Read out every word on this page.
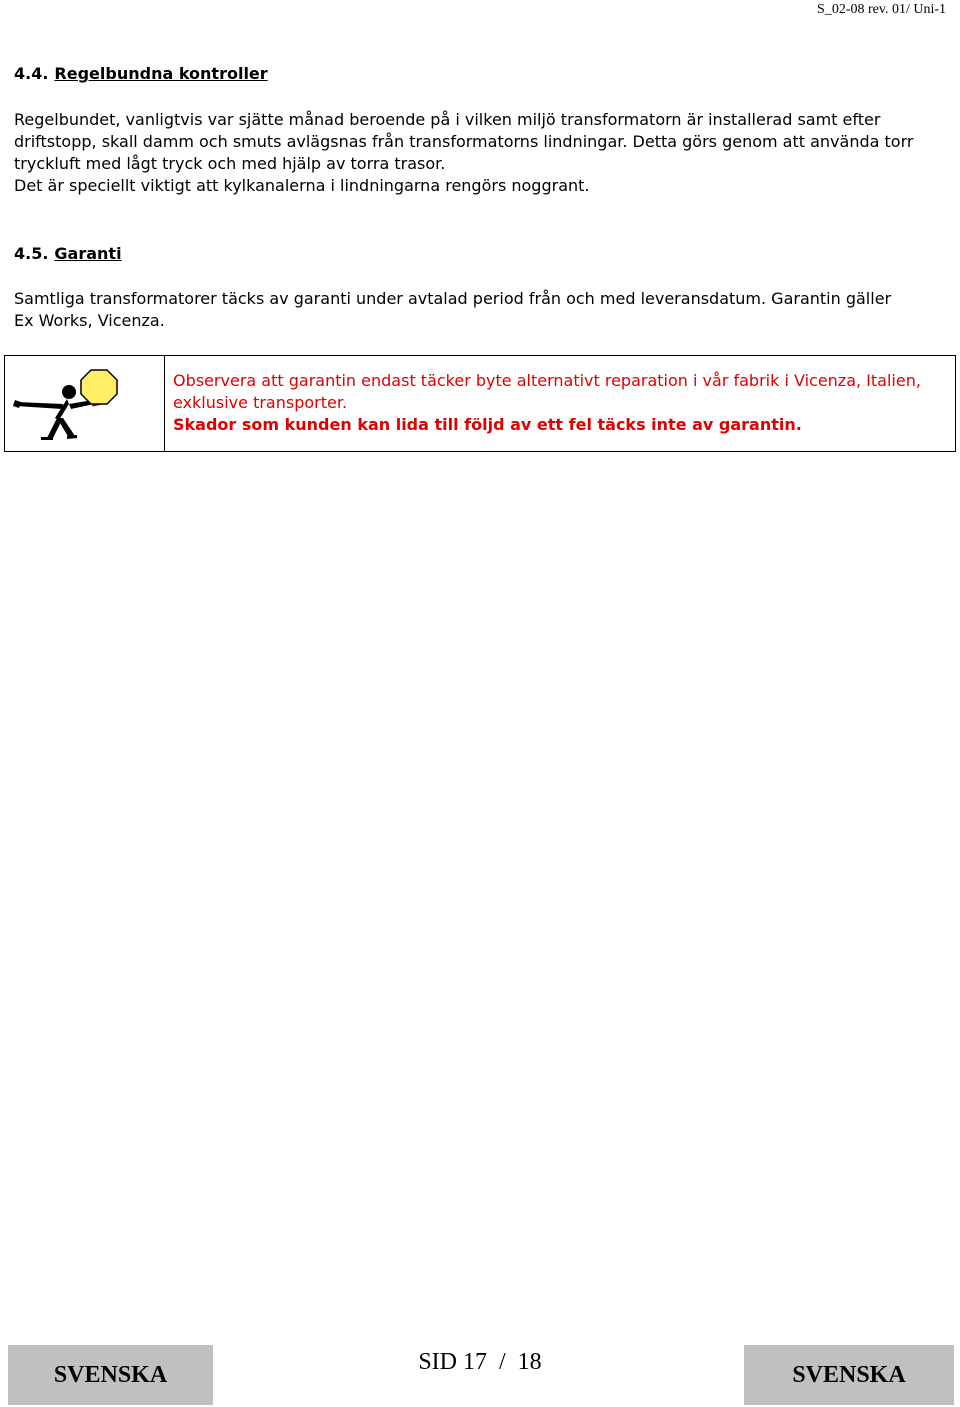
S_02-08 rev. 01/ Uni-1
4.4. Regelbundna kontroller
Regelbundet, vanligtvis var sjätte månad beroende på i vilken miljö transformatorn är installerad samt efter
driftstopp, skall damm och smuts avlägsnas från transformatorns lindningar. Detta görs genom att använda torr
tryckluft med lågt tryck och med hjälp av torra trasor.
Det är speciellt viktigt att kylkanalerna i lindningarna rengörs noggrant.
4.5. Garanti
Samtliga transformatorer täcks av garanti under avtalad period från och med leveransdatum. Garantin gäller
Ex Works, Vicenza.
Observera att garantin endast täcker byte alternativt reparation i vår fabrik i Vicenza, Italien,
exklusive transporter.
Skador som kunden kan lida till följd av ett fel täcks inte av garantin.
SVENSKA	SID 17  /  18	SVENSKA
